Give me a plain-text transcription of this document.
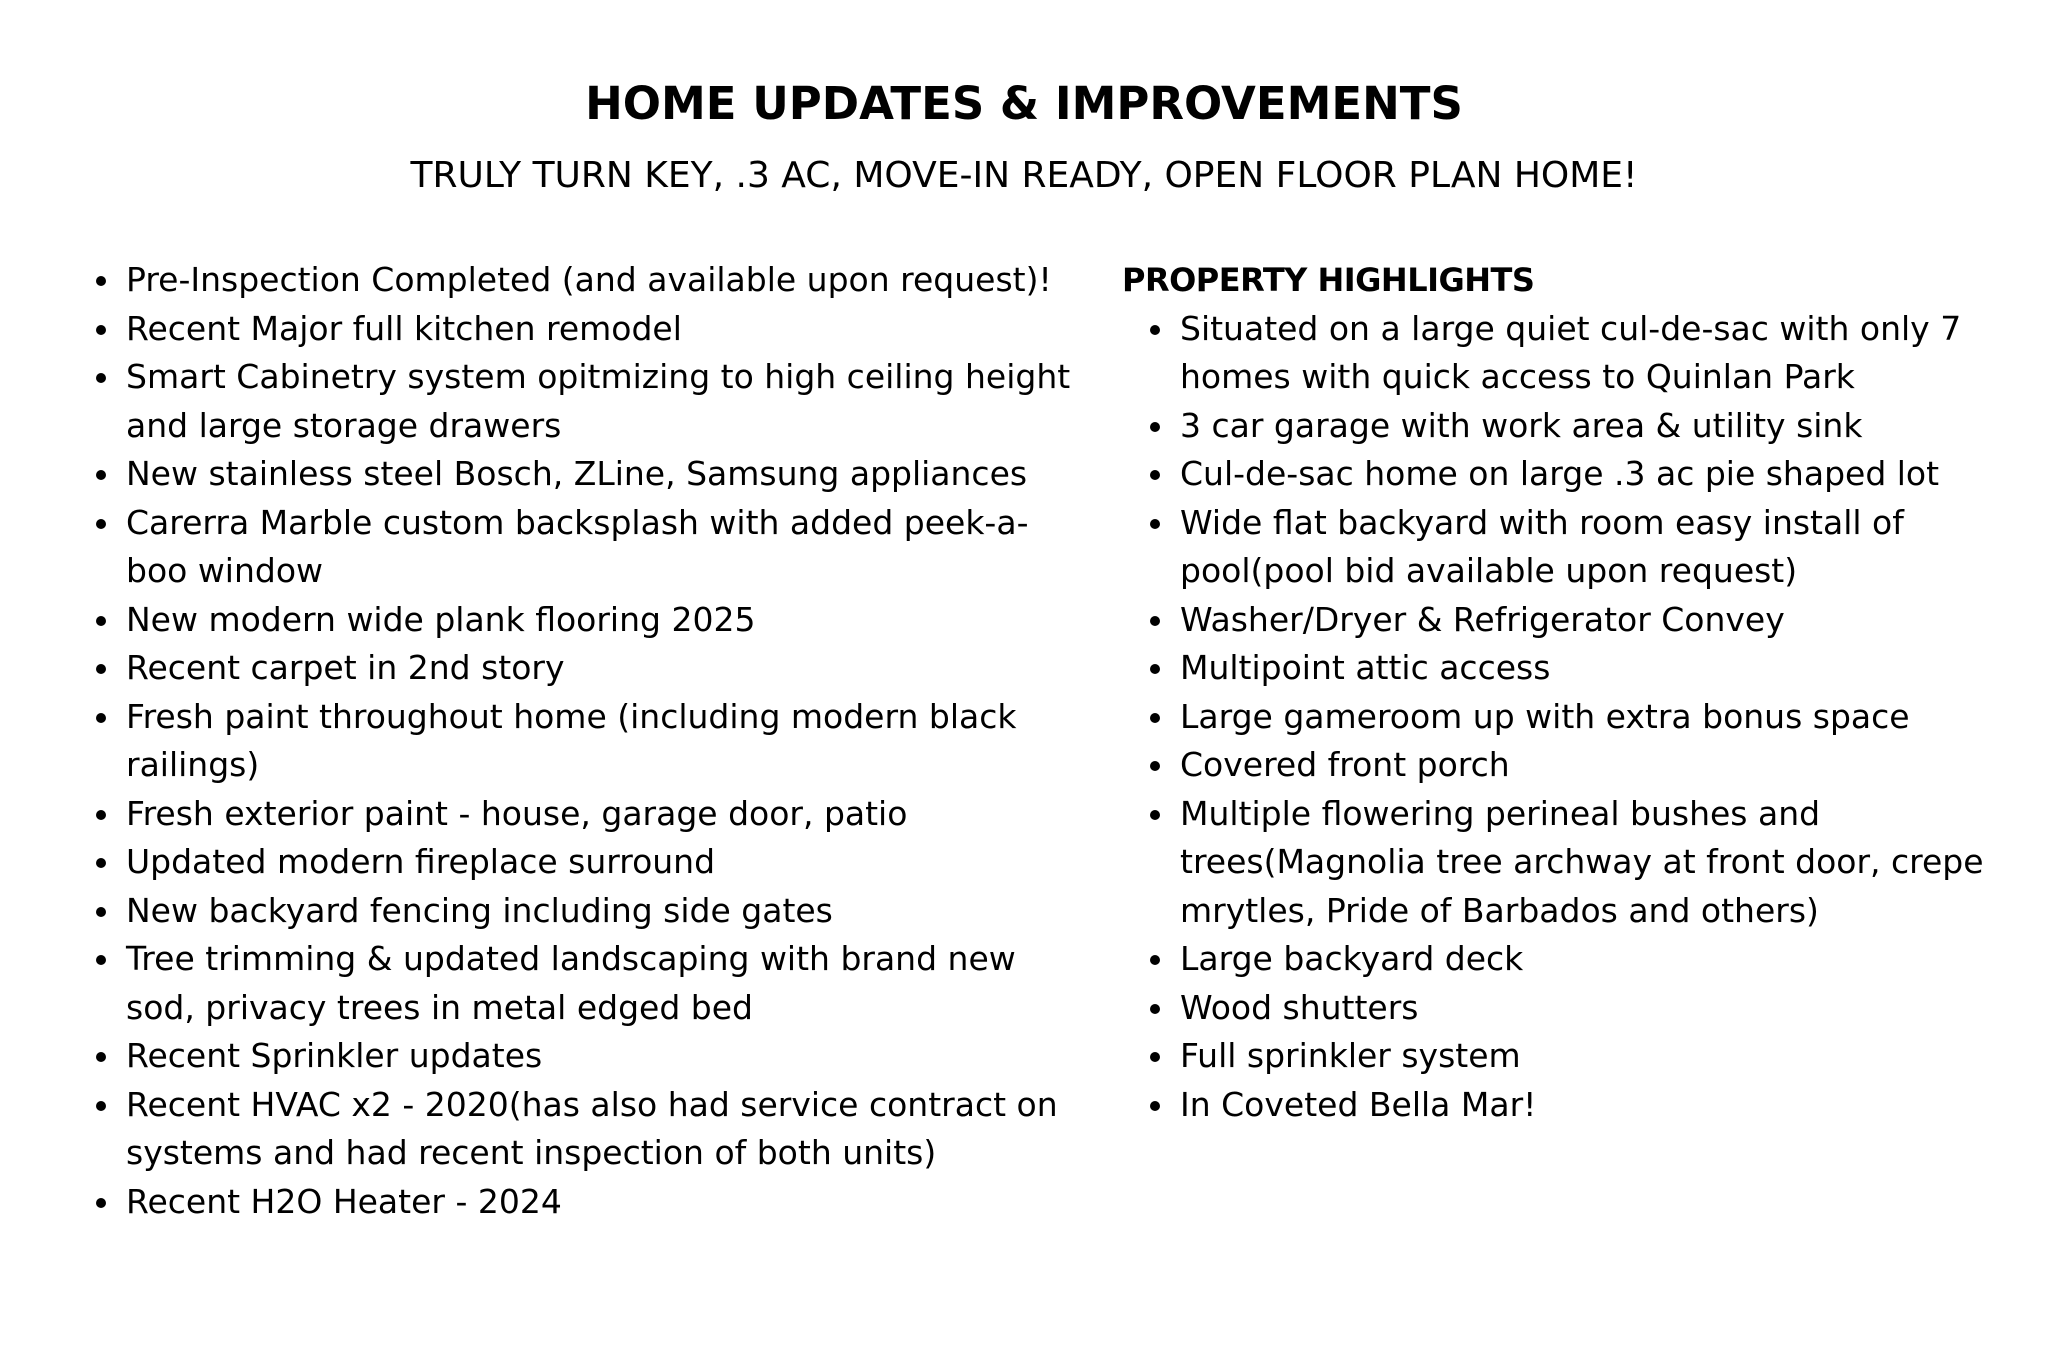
HOME UPDATES & IMPROVEMENTS

TRULY TURN KEY, .3 AC, MOVE-IN READY, OPEN FLOOR PLAN HOME!

Pre-Inspection Completed (and available upon request)!
Recent Major full kitchen remodel
Smart Cabinetry system opitmizing to high ceiling height and large storage drawers
New stainless steel Bosch, ZLine, Samsung appliances
Carerra Marble custom backsplash with added peek-a-boo window
New modern wide plank flooring 2025
Recent carpet in 2nd story
Fresh paint throughout home (including modern black railings)
Fresh exterior paint - house, garage door, patio
Updated modern fireplace surround
New backyard fencing including side gates
Tree trimming & updated landscaping with brand new sod, privacy trees in metal edged bed
Recent Sprinkler updates
Recent HVAC x2 - 2020(has also had service contract on systems and had recent inspection of both units)
Recent H2O Heater - 2024

PROPERTY HIGHLIGHTS

Situated on a large quiet cul-de-sac with only 7 homes with quick access to Quinlan Park
3 car garage with work area & utility sink
Cul-de-sac home on large .3 ac pie shaped lot
Wide flat backyard with room easy install of pool(pool bid available upon request)
Washer/Dryer & Refrigerator Convey
Multipoint attic access
Large gameroom up with extra bonus space
Covered front porch
Multiple flowering perineal bushes and trees(Magnolia tree archway at front door, crepe mrytles, Pride of Barbados and others)
Large backyard deck
Wood shutters
Full sprinkler system
In Coveted Bella Mar!
